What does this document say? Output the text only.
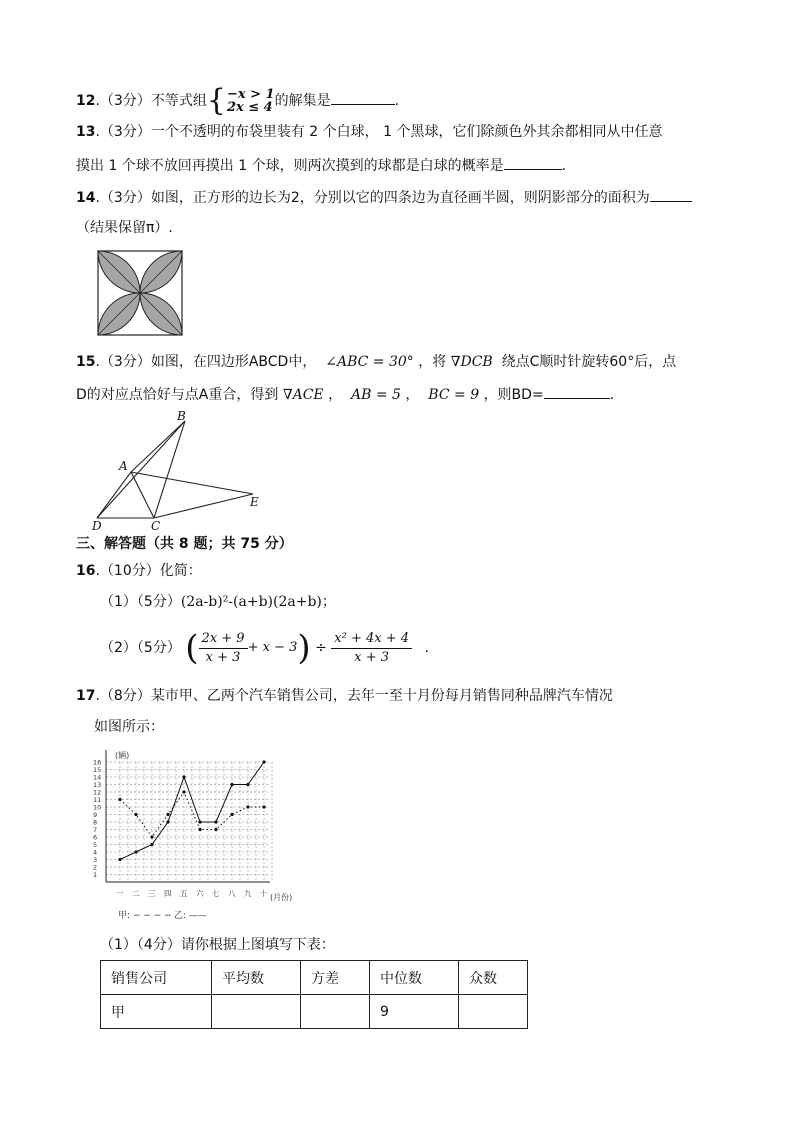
12.（3分）不等式组 { −x > 1
2x ≤ 4 的解集是	.
13.（3分）一个不透明的布袋里装有 2 个白球， 1 个黑球，它们除颜色外其余都相同从中任意
摸出 1 个球不放回再摸出 1 个球，则两次摸到的球都是白球的概率是	.
14.（3分）如图，正方形的边长为2，分别以它的四条边为直径画半圆，则阴影部分的面积为
（结果保留π）.
15.（3分）如图，在四边形ABCD中， ∠ABC = 30° ，将 ∇DCB 绕点C顺时针旋转60°后，点
D的对应点恰好与点A重合，得到 ∇ACE ， AB = 5 ， BC = 9 ，则BD=	.
B
A
D	C
E
三、解答题（共 8 题；共 75 分）
16.（10分）化简：
（1）（5分）(2a-b)²-(a+b)(2a+b)；
（2）（5分） ( $\frac{2x + 9}{x + 3} + x - 3) \div \frac{\text{x² + 4x + 4}}{x + 3}$ .
17.（8分）某市甲、乙两个汽车销售公司，去年一至十月份每月销售同种品牌汽车情况
如图所示：
1
2
3
4
5
6
7
8
9
10
11
12
13
14
15
16
一 二 三 四 五 六 七 八 九 十
(辆)
(月份)
甲: − − − − 乙: ——
（1）（4分）请你根据上图填写下表：
销售公司	平均数	方差	中位数	众数
甲			9	
